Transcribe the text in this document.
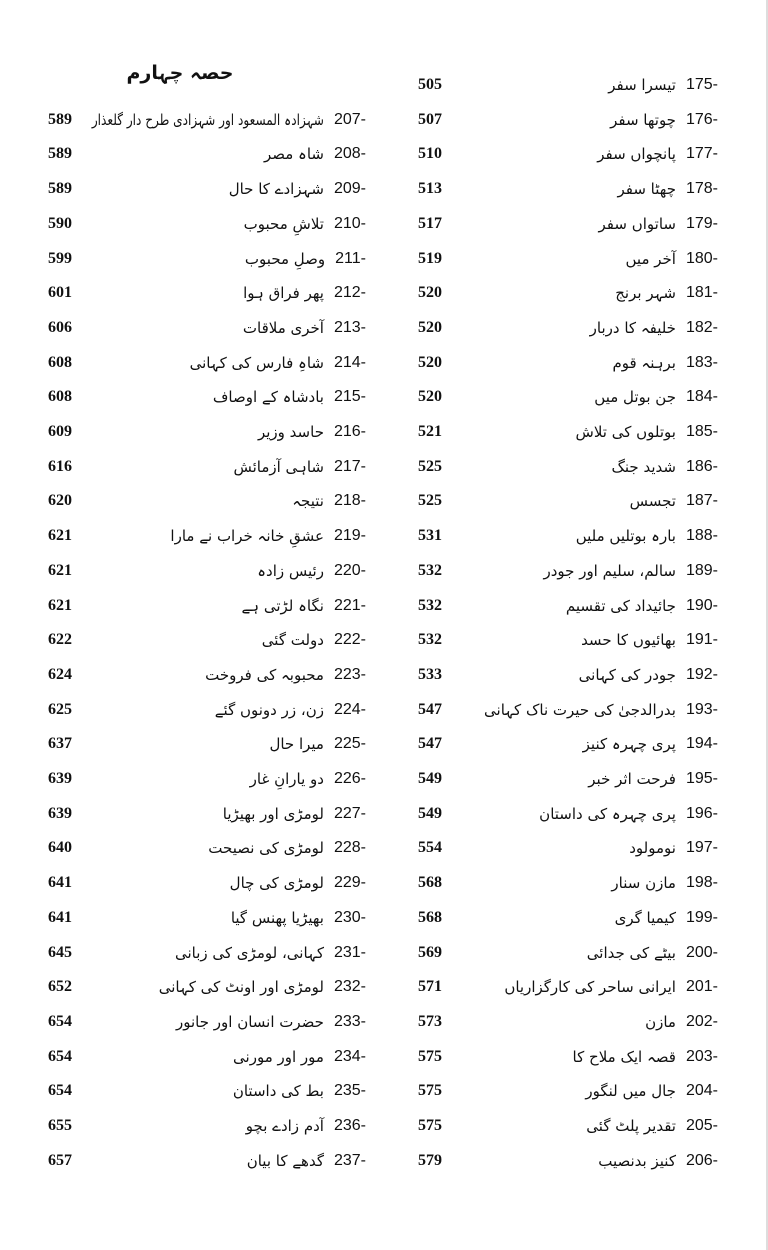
حصہ چہارم
تیسرا سفر 175 -
505
چوتھا سفر 176 -
507
پانچواں سفر 177 -
510
چھٹا سفر 178 -
513
ساتواں سفر 179 -
517
آخر میں 180 -
519
شہر برنج 181 -
520
خلیفہ کا دربار 182 -
520
برہنہ قوم 183 -
520
جن بوتل میں 184 -
520
بوتلوں کی تلاش 185 -
521
شدید جنگ 186 -
525
تجسس 187 -
525
بارہ بوتلیں ملیں 188 -
531
سالم، سلیم اور جودر 189 -
532
جائیداد کی تقسیم 190 -
532
بھائیوں کا حسد 191 -
532
جودر کی کہانی 192 -
533
بدرالدجیٰ کی حیرت ناک کہانی 193 -
547
پری چہرہ کنیز 194 -
547
فرحت اثر خبر 195 -
549
پری چہرہ کی داستان 196 -
549
نومولود 197 -
554
مازن سنار 198 -
568
کیمیا گری 199 -
568
بیٹے کی جدائی 200 -
569
ایرانی ساحر کی کارگزاریاں 201 -
571
مازن 202 -
573
قصہ ایک ملاح کا 203 -
575
جال میں لنگور 204 -
575
تقدیر پلٹ گئی 205 -
575
کنیز بدنصیب 206 -
579
شہزادہ المسعود اور شہزادی طرح دار گلعذار 207 -
589
شاہ مصر 208 -
589
شہزادے کا حال 209 -
589
تلاشِ محبوب 210 -
590
وصلِ محبوب 211 -
599
پھر فراق ہوا 212 -
601
آخری ملاقات 213 -
606
شاہِ فارس کی کہانی 214 -
608
بادشاہ کے اوصاف 215 -
608
حاسد وزیر 216 -
609
شاہی آزمائش 217 -
616
نتیجہ 218 -
620
عشقِ خانہ خراب نے مارا 219 -
621
رئیس زادہ 220 -
621
نگاہ لڑتی ہے 221 -
621
دولت گئی 222 -
622
محبوبہ کی فروخت 223 -
624
زن، زر دونوں گئے 224 -
625
میرا حال 225 -
637
دو یارانِ غار 226 -
639
لومڑی اور بھیڑیا 227 -
639
لومڑی کی نصیحت 228 -
640
لومڑی کی چال 229 -
641
بھیڑیا پھنس گیا 230 -
641
کہانی، لومڑی کی زبانی 231 -
645
لومڑی اور اونٹ کی کہانی 232 -
652
حضرت انسان اور جانور 233 -
654
مور اور مورنی 234 -
654
بط کی داستان 235 -
654
آدم زادے بچو 236 -
655
گدھے کا بیان 237 -
657
